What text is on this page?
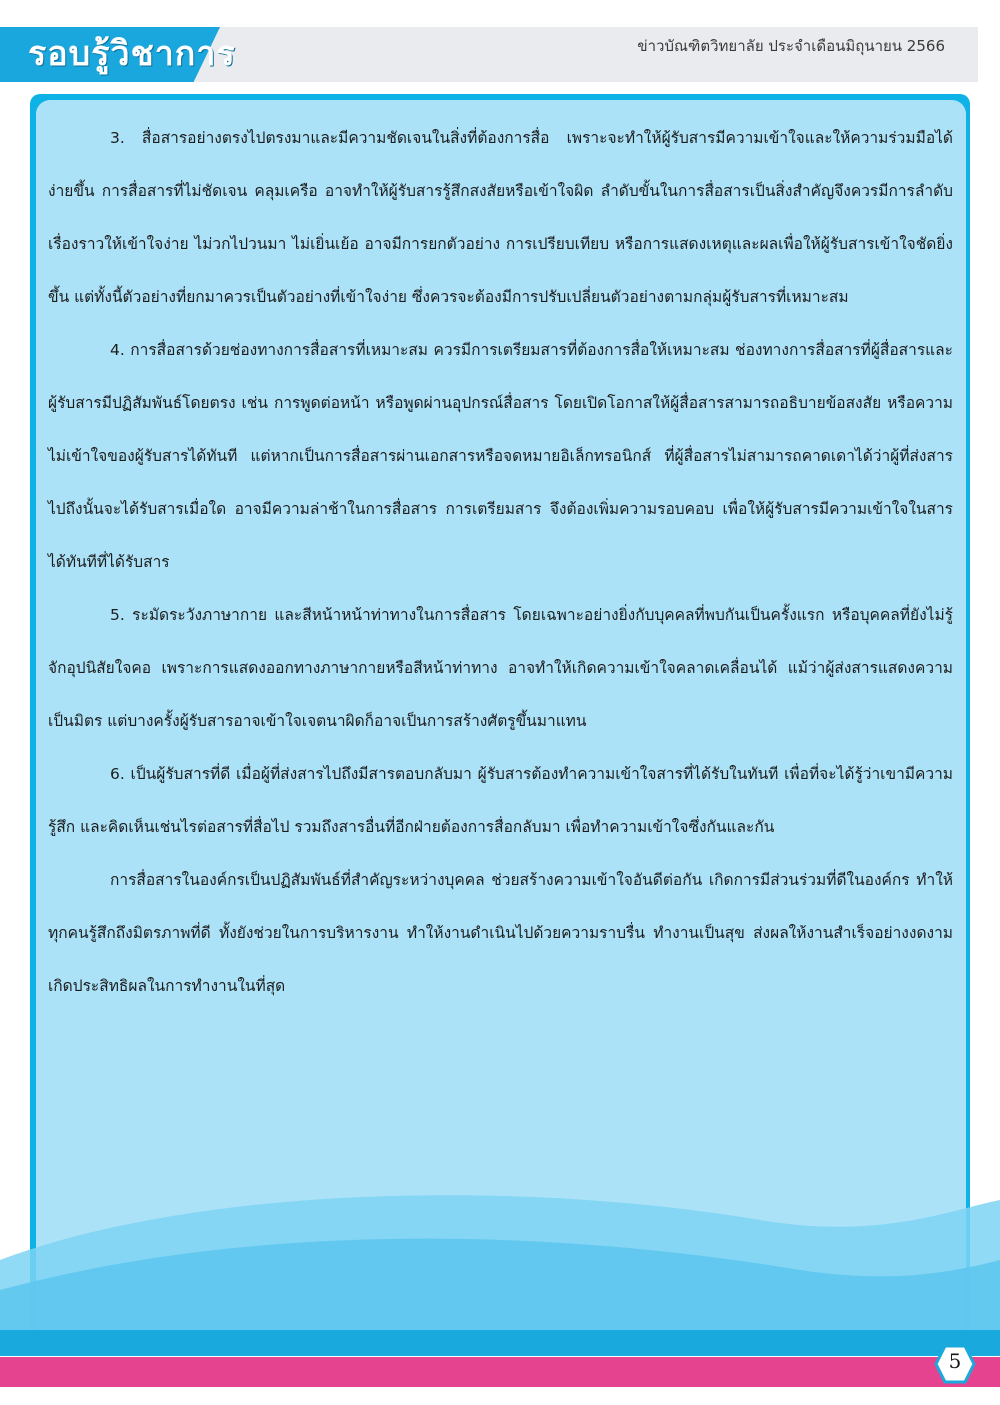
รอบรู้วิชาการ	ข่าวบัณฑิตวิทยาลัย ประจำเดือนมิถุนายน 2566

3. สื่อสารอย่างตรงไปตรงมาและมีความชัดเจนในสิ่งที่ต้องการสื่อ เพราะจะทำให้ผู้รับสารมีความเข้าใจและให้ความร่วมมือได้ง่ายขึ้น การสื่อสารที่ไม่ชัดเจน คลุมเครือ อาจทำให้ผู้รับสารรู้สึกสงสัยหรือเข้าใจผิด ลำดับขั้นในการสื่อสารเป็นสิ่งสำคัญจึงควรมีการลำดับเรื่องราวให้เข้าใจง่าย ไม่วกไปวนมา ไม่เยิ่นเย้อ อาจมีการยกตัวอย่าง การเปรียบเทียบ หรือการแสดงเหตุและผลเพื่อให้ผู้รับสารเข้าใจชัดยิ่งขึ้น แต่ทั้งนี้ตัวอย่างที่ยกมาควรเป็นตัวอย่างที่เข้าใจง่าย ซึ่งควรจะต้องมีการปรับเปลี่ยนตัวอย่างตามกลุ่มผู้รับสารที่เหมาะสม

4. การสื่อสารด้วยช่องทางการสื่อสารที่เหมาะสม ควรมีการเตรียมสารที่ต้องการสื่อให้เหมาะสม ช่องทางการสื่อสารที่ผู้สื่อสารและผู้รับสารมีปฏิสัมพันธ์โดยตรง เช่น การพูดต่อหน้า หรือพูดผ่านอุปกรณ์สื่อสาร โดยเปิดโอกาสให้ผู้สื่อสารสามารถอธิบายข้อสงสัย หรือความไม่เข้าใจของผู้รับสารได้ทันที แต่หากเป็นการสื่อสารผ่านเอกสารหรือจดหมายอิเล็กทรอนิกส์ ที่ผู้สื่อสารไม่สามารถคาดเดาได้ว่าผู้ที่ส่งสารไปถึงนั้นจะได้รับสารเมื่อใด อาจมีความล่าช้าในการสื่อสาร การเตรียมสาร จึงต้องเพิ่มความรอบคอบ เพื่อให้ผู้รับสารมีความเข้าใจในสารได้ทันทีที่ได้รับสาร

5. ระมัดระวังภาษากาย และสีหน้าหน้าท่าทางในการสื่อสาร โดยเฉพาะอย่างยิ่งกับบุคคลที่พบกันเป็นครั้งแรก หรือบุคคลที่ยังไม่รู้จักอุปนิสัยใจคอ เพราะการแสดงออกทางภาษากายหรือสีหน้าท่าทาง อาจทำให้เกิดความเข้าใจคลาดเคลื่อนได้ แม้ว่าผู้ส่งสารแสดงความเป็นมิตร แต่บางครั้งผู้รับสารอาจเข้าใจเจตนาผิดก็อาจเป็นการสร้างศัตรูขึ้นมาแทน

6. เป็นผู้รับสารที่ดี เมื่อผู้ที่ส่งสารไปถึงมีสารตอบกลับมา ผู้รับสารต้องทำความเข้าใจสารที่ได้รับในทันที เพื่อที่จะได้รู้ว่าเขามีความรู้สึก และคิดเห็นเช่นไรต่อสารที่สื่อไป รวมถึงสารอื่นที่อีกฝ่ายต้องการสื่อกลับมา เพื่อทำความเข้าใจซึ่งกันและกัน

การสื่อสารในองค์กรเป็นปฏิสัมพันธ์ที่สำคัญระหว่างบุคคล ช่วยสร้างความเข้าใจอันดีต่อกัน เกิดการมีส่วนร่วมที่ดีในองค์กร ทำให้ทุกคนรู้สึกถึงมิตรภาพที่ดี ทั้งยังช่วยในการบริหารงาน ทำให้งานดำเนินไปด้วยความราบรื่น ทำงานเป็นสุข ส่งผลให้งานสำเร็จอย่างงดงาม เกิดประสิทธิผลในการทำงานในที่สุด

5
